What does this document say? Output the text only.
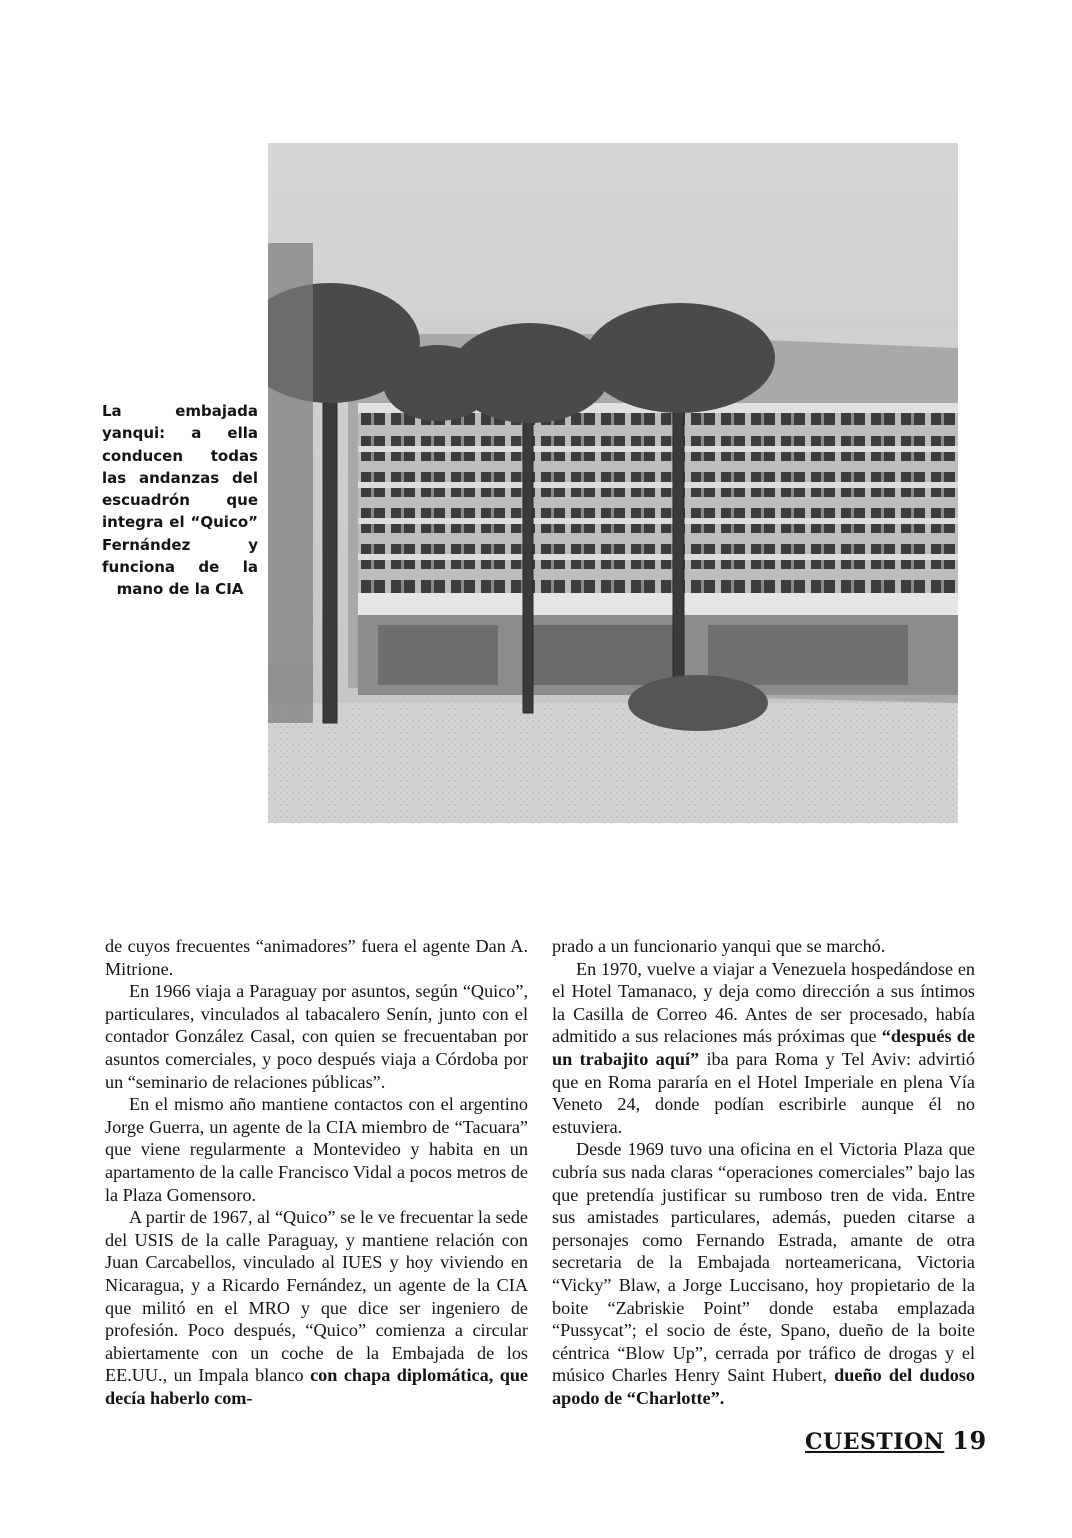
La embajada yanqui: a ella conducen todas las andanzas del escuadrón que integra el “Quico” Fernández y funciona de la mano de la CIA

de cuyos frecuentes “animadores” fuera el agente Dan A. Mitrione.

En 1966 viaja a Paraguay por asuntos, según “Quico”, particulares, vinculados al tabacalero Senín, junto con el contador González Casal, con quien se frecuentaban por asuntos comerciales, y poco después viaja a Córdoba por un “seminario de relaciones públicas”.

En el mismo año mantiene contactos con el argentino Jorge Guerra, un agente de la CIA miembro de “Tacuara” que viene regularmente a Montevideo y habita en un apartamento de la calle Francisco Vidal a pocos metros de la Plaza Gomensoro.

A partir de 1967, al “Quico” se le ve frecuentar la sede del USIS de la calle Paraguay, y mantiene relación con Juan Carcabellos, vinculado al IUES y hoy viviendo en Nicaragua, y a Ricardo Fernández, un agente de la CIA que militó en el MRO y que dice ser ingeniero de profesión. Poco después, “Quico” comienza a circular abiertamente con un coche de la Embajada de los EE.UU., un Impala blanco con chapa diplomática, que decía haberlo com-

prado a un funcionario yanqui que se marchó.

En 1970, vuelve a viajar a Venezuela hospedándose en el Hotel Tamanaco, y deja como dirección a sus íntimos la Casilla de Correo 46. Antes de ser procesado, había admitido a sus relaciones más próximas que “después de un trabajito aquí” iba para Roma y Tel Aviv: advirtió que en Roma pararía en el Hotel Imperiale en plena Vía Veneto 24, donde podían escribirle aunque él no estuviera.

Desde 1969 tuvo una oficina en el Victoria Plaza que cubría sus nada claras “operaciones comerciales” bajo las que pretendía justificar su rumboso tren de vida. Entre sus amistades particulares, además, pueden citarse a personajes como Fernando Estrada, amante de otra secretaria de la Embajada norteamericana, Victoria “Vicky” Blaw, a Jorge Luccisano, hoy propietario de la boite “Zabriskie Point” donde estaba emplazada “Pussycat”; el socio de éste, Spano, dueño de la boite céntrica “Blow Up”, cerrada por tráfico de drogas y el músico Charles Henry Saint Hubert, dueño del dudoso apodo de “Charlotte”.

CUESTION 19
